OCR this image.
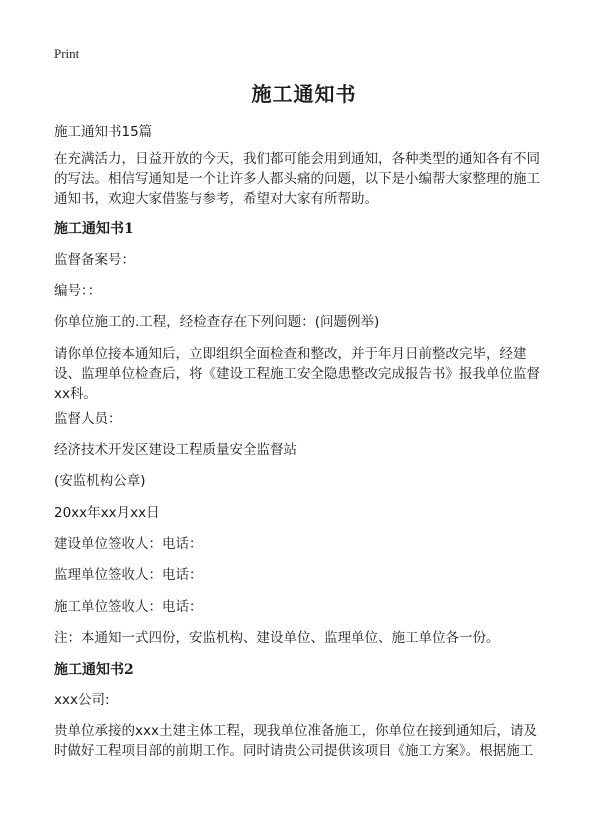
Print
施工通知书

施工通知书15篇

在充满活力，日益开放的今天，我们都可能会用到通知，各种类型的通知各有不同的写法。相信写通知是一个让许多人都头痛的问题，以下是小编帮大家整理的施工通知书，欢迎大家借鉴与参考，希望对大家有所帮助。

施工通知书1

监督备案号：

编号：：

你单位施工的.工程，经检查存在下列问题：(问题例举)

请你单位接本通知后，立即组织全面检查和整改，并于年月日前整改完毕，经建设、监理单位检查后，将《建设工程施工安全隐患整改完成报告书》报我单位监督xx科。

监督人员：

经济技术开发区建设工程质量安全监督站

(安监机构公章)

20xx年xx月xx日

建设单位签收人：电话：

监理单位签收人：电话：

施工单位签收人：电话：

注：本通知一式四份，安监机构、建设单位、监理单位、施工单位各一份。

施工通知书2

xxx公司:

贵单位承接的xxx土建主体工程，现我单位准备施工，你单位在接到通知后，请及时做好工程项目部的前期工作。同时请贵公司提供该项目《施工方案》。根据施工
